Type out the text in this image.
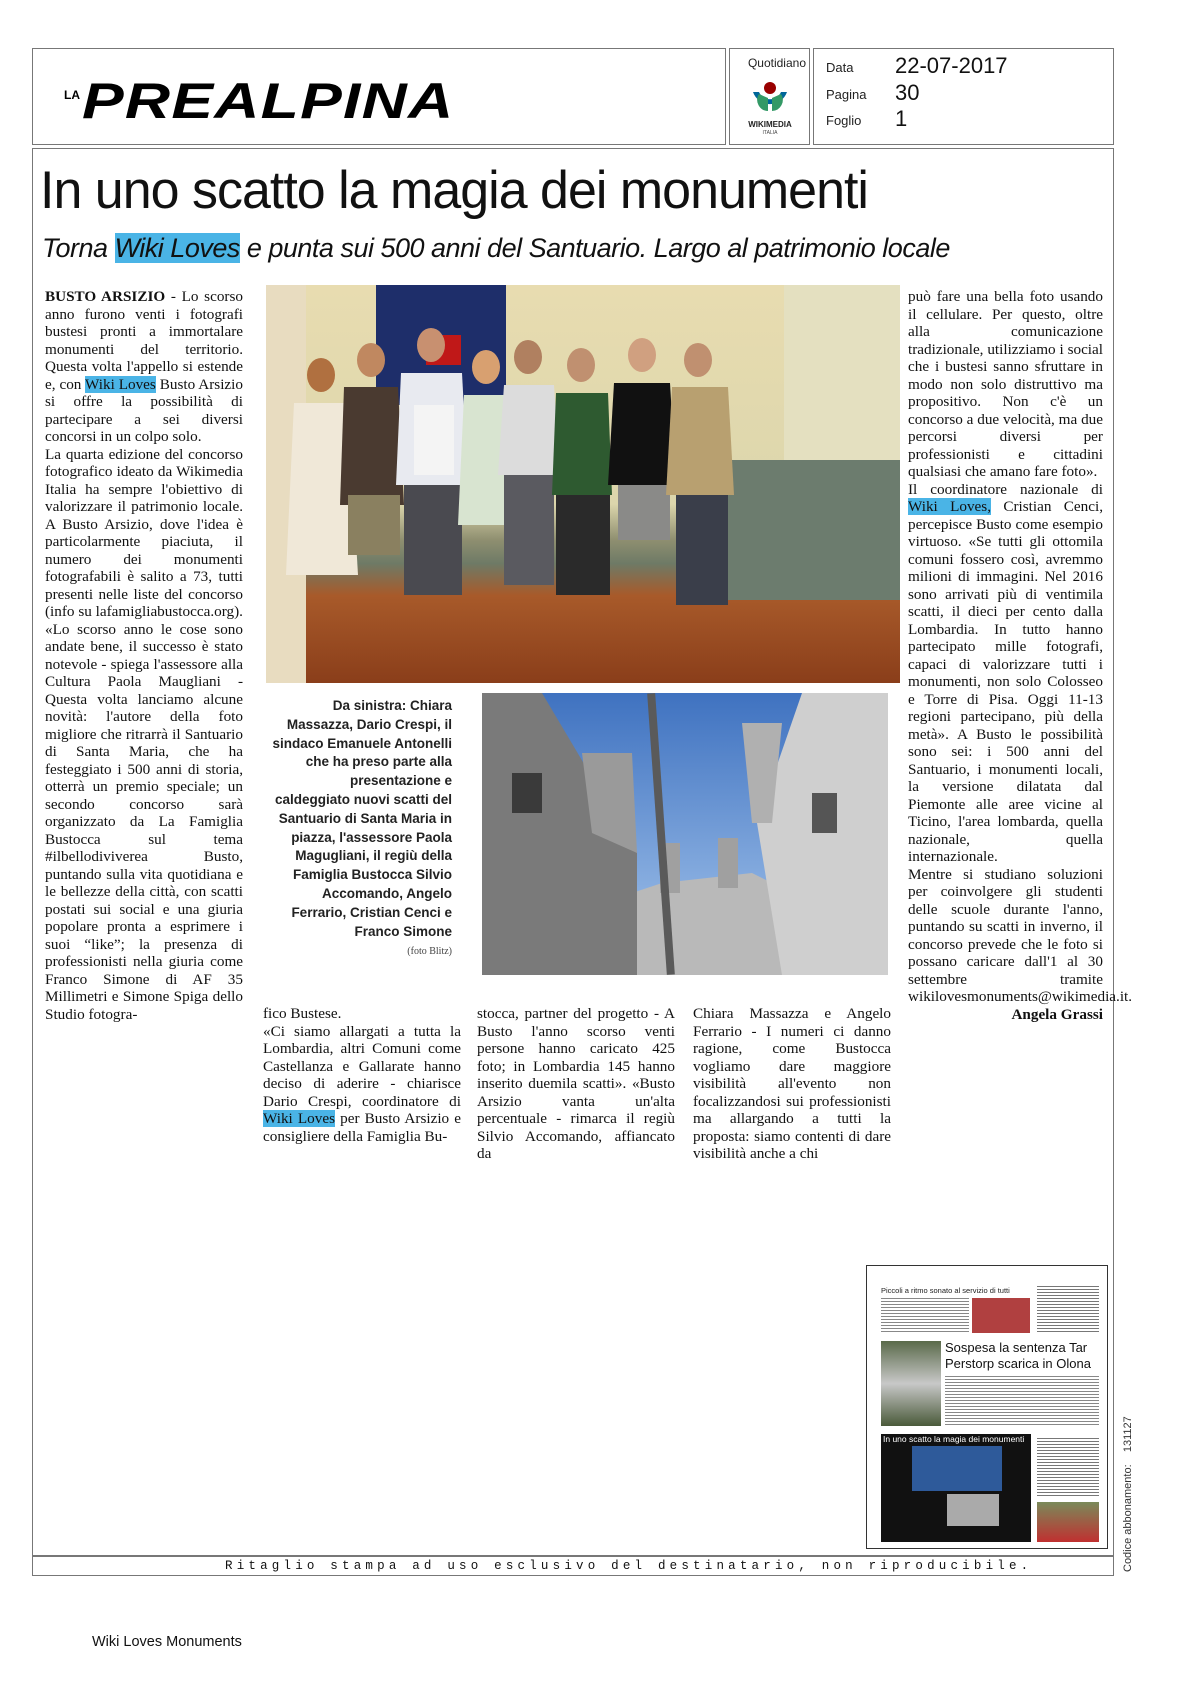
LA PREALPINA
Quotidiano
WIKIMEDIA
ITALIA
Data 22-07-2017
Pagina 30
Foglio 1
In uno scatto la magia dei monumenti
Torna Wiki Loves e punta sui 500 anni del Santuario. Largo al patrimonio locale

BUSTO ARSIZIO - Lo scorso anno furono venti i fotografi bustesi pronti a immortalare monumenti del territorio. Questa volta l'appello si estende e, con Wiki Loves Busto Arsizio si offre la possibilità di partecipare a sei diversi concorsi in un colpo solo.

La quarta edizione del concorso fotografico ideato da Wikimedia Italia ha sempre l'obiettivo di valorizzare il patrimonio locale. A Busto Arsizio, dove l'idea è particolarmente piaciuta, il numero dei monumenti fotografabili è salito a 73, tutti presenti nelle liste del concorso (info su lafamigliabustocca.org).

«Lo scorso anno le cose sono andate bene, il successo è stato notevole - spiega l'assessore alla Cultura Paola Maugliani - Questa volta lanciamo alcune novità: l'autore della foto migliore che ritrarrà il Santuario di Santa Maria, che ha festeggiato i 500 anni di storia, otterrà un premio speciale; un secondo concorso sarà organizzato da La Famiglia Bustocca sul tema #ilbellodiviverea Busto, puntando sulla vita quotidiana e le bellezze della città, con scatti postati sui social e una giuria popolare pronta a esprimere i suoi “like”; la presenza di professionisti nella giuria come Franco Simone di AF 35 Millimetri e Simone Spiga dello Studio fotogra-

Da sinistra: Chiara Massazza, Dario Crespi, il sindaco Emanuele Antonelli che ha preso parte alla presentazione e caldeggiato nuovi scatti del Santuario di Santa Maria in piazza, l'assessore Paola Magugliani, il regiù della Famiglia Bustocca Silvio Accomando, Angelo Ferrario, Cristian Cenci e Franco Simone
(foto Blitz)

fico Bustese.

«Ci siamo allargati a tutta la Lombardia, altri Comuni come Castellanza e Gallarate hanno deciso di aderire - chiarisce Dario Crespi, coordinatore di Wiki Loves per Busto Arsizio e consigliere della Famiglia Bu-

stocca, partner del progetto - A Busto l'anno scorso venti persone hanno caricato 425 foto; in Lombardia 145 hanno inserito duemila scatti». «Busto Arsizio vanta un'alta percentuale - rimarca il regiù Silvio Accomando, affiancato da

Chiara Massazza e Angelo Ferrario - I numeri ci danno ragione, come Bustocca vogliamo dare maggiore visibilità all'evento non focalizzandosi sui professionisti ma allargando a tutti la proposta: siamo contenti di dare visibilità anche a chi

può fare una bella foto usando il cellulare. Per questo, oltre alla comunicazione tradizionale, utilizziamo i social che i bustesi sanno sfruttare in modo non solo distruttivo ma propositivo. Non c'è un concorso a due velocità, ma due percorsi diversi per professionisti e cittadini qualsiasi che amano fare foto».

Il coordinatore nazionale di Wiki Loves, Cristian Cenci, percepisce Busto come esempio virtuoso. «Se tutti gli ottomila comuni fossero così, avremmo milioni di immagini. Nel 2016 sono arrivati più di ventimila scatti, il dieci per cento dalla Lombardia. In tutto hanno partecipato mille fotografi, capaci di valorizzare tutti i monumenti, non solo Colosseo e Torre di Pisa. Oggi 11-13 regioni partecipano, più della metà». A Busto le possibilità sono sei: i 500 anni del Santuario, i monumenti locali, la versione dilatata dal Piemonte alle aree vicine al Ticino, l'area lombarda, quella nazionale, quella internazionale.

Mentre si studiano soluzioni per coinvolgere gli studenti delle scuole durante l'anno, puntando su scatti in inverno, il concorso prevede che le foto si possano caricare dall'1 al 30 settembre tramite wikilovesmonuments@wikimedia.it.

Angela Grassi

Piccoli a ritmo sonato al servizio di tutti
Sospesa la sentenza Tar
Perstorp scarica in Olona
In uno scatto la magia dei monumenti
Codice abbonamento:    131127
Ritaglio stampa ad uso esclusivo del destinatario, non riproducibile.
Wiki Loves Monuments
